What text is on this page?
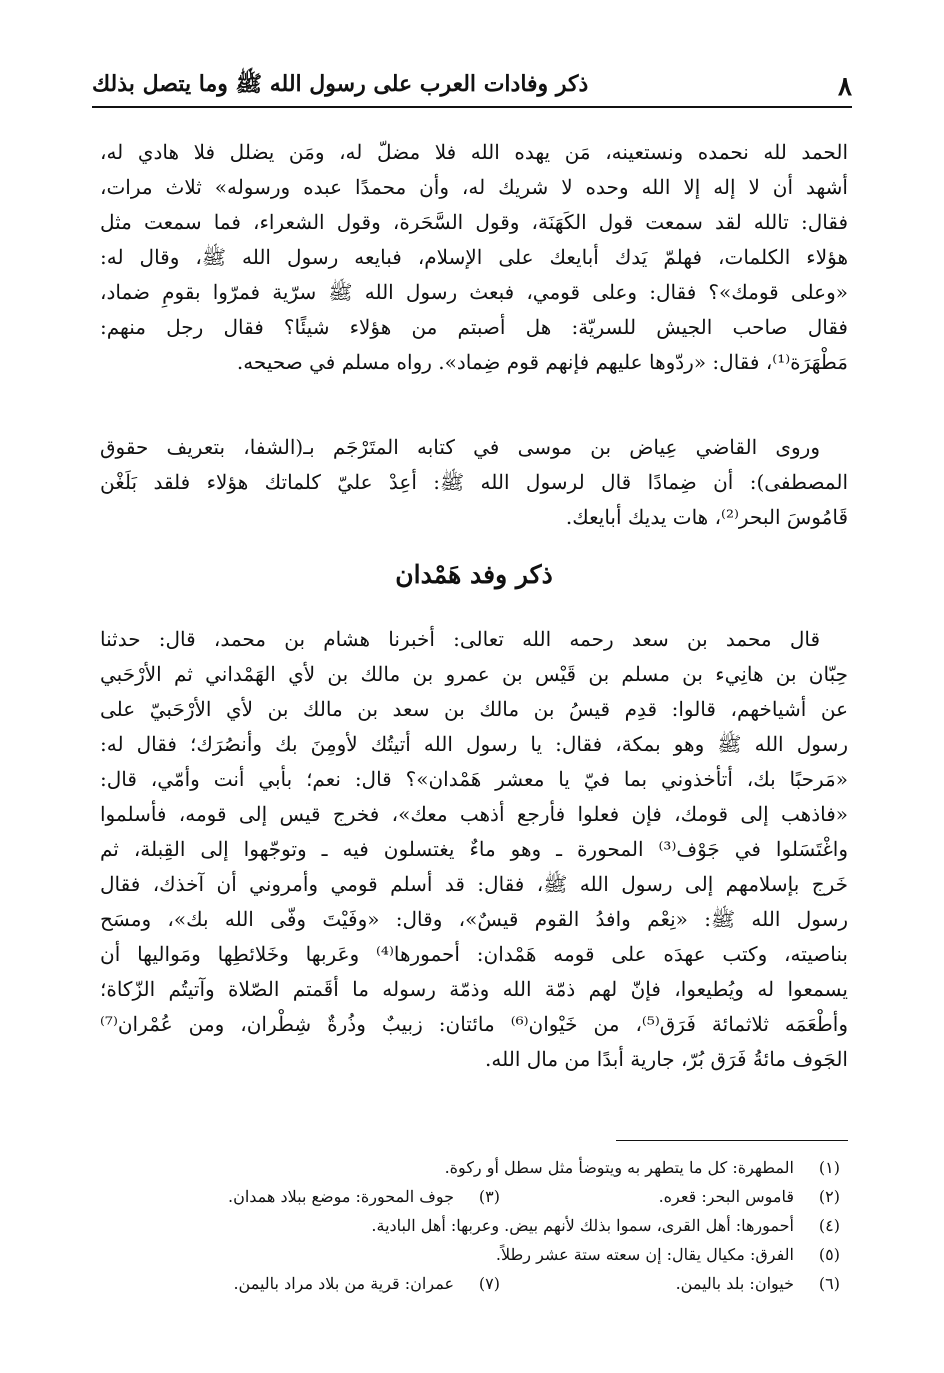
٨
ذكر وفادات العرب على رسول الله ﷺ وما يتصل بذلك
الحمد لله نحمده ونستعينه، مَن يهده الله فلا مضلّ له، ومَن يضلل فلا هادي له،
أشهد أن لا إله إلا الله وحده لا شريك له، وأن محمدًا عبده ورسوله» ثلاث مرات،
فقال: تالله لقد سمعت قول الكَهَنَة، وقول السَّحَرة، وقول الشعراء، فما سمعت مثل
هؤلاء الكلمات، فهلمّ يَدك أبايعك على الإسلام، فبايعه رسول الله ﷺ، وقال له:
«وعلى قومك»؟ فقال: وعلى قومي، فبعث رسول الله ﷺ سرّية فمرّوا بقومِ ضماد،
فقال صاحب الجيش للسريّة: هل أصبتم من هؤلاء شيئًا؟ فقال رجل منهم:
مَطْهَرَة⁽¹⁾، فقال: «ردّوها عليهم فإنهم قوم ضِماد». رواه مسلم في صحيحه.
وروى القاضي عِياض بن موسى في كتابه المتَرْجَم بـ(الشفا، بتعريف حقوق
المصطفى): أن ضِمادًا قال لرسول الله ﷺ: أعِدْ عليّ كلماتك هؤلاء فلقد بَلَغْن
قَامُوسَ البحر⁽²⁾، هات يديك أبايعك.
ذكر وفد هَمْدان
قال محمد بن سعد رحمه الله تعالى: أخبرنا هشام بن محمد، قال: حدثنا
حِبّان بن هانِيء بن مسلم بن قَيْس بن عمرو بن مالك بن لأي الهَمْداني ثم الأرْحَبي
عن أشياخهم، قالوا: قدِم قيسُ بن مالك بن سعد بن مالك بن لأي الأرْحَبيّ على
رسول الله ﷺ وهو بمكة، فقال: يا رسول الله أتيتُك لأومِنَ بك وأنصُرَك؛ فقال له:
«مَرحبًا بك، أتأخذوني بما فيّ يا معشر هَمْدان»؟ قال: نعم؛ بأبي أنت وأمّي، قال:
«فاذهب إلى قومك، فإن فعلوا فأرجع أذهب معك»، فخرج قيس إلى قومه، فأسلموا
واغْتَسَلوا في جَوْف⁽³⁾ المحورة ـ وهو ماءٌ يغتسلون فيه ـ وتوجّهوا إلى القِبلة، ثم
خَرج بإسلامهم إلى رسول الله ﷺ، فقال: قد أسلم قومي وأمروني أن آخذك، فقال
رسول الله ﷺ: «نِعْم وافدُ القوم قيسٌ»، وقال: «وفَيْتَ وفّى الله بك»، ومسَح
بناصيته، وكتب عهدَه على قومه هَمْدان: أحمورها⁽⁴⁾ وعَربها وخَلائطِها ومَواليها أن
يسمعوا له ويُطيعوا، فإنّ لهم ذمّة الله وذمّة رسوله ما أقَمتم الصّلاة وآتيتُم الزّكاة؛
وأطْعَمَه ثلاثمائة فَرَق⁽⁵⁾، من خَيْوان⁽⁶⁾ مائتان: زبيبٌ وذُرةٌ شِطْران، ومن عُمْران⁽⁷⁾
الجَوف مائةُ فَرَق بُرّ، جارية أبدًا من مال الله.
(١)
المطهرة: كل ما يتطهر به ويتوضأ مثل سطل أو ركوة.
(٢)
قاموس البحر: قعره.
(٣)
جوف المحورة: موضع ببلاد همدان.
(٤)
أحمورها: أهل القرى، سموا بذلك لأنهم بيض. وعربها: أهل البادية.
(٥)
الفرق: مكيال يقال: إن سعته ستة عشر رطلاً.
(٦)
خيوان: بلد باليمن.
(٧)
عمران: قرية من بلاد مراد باليمن.
